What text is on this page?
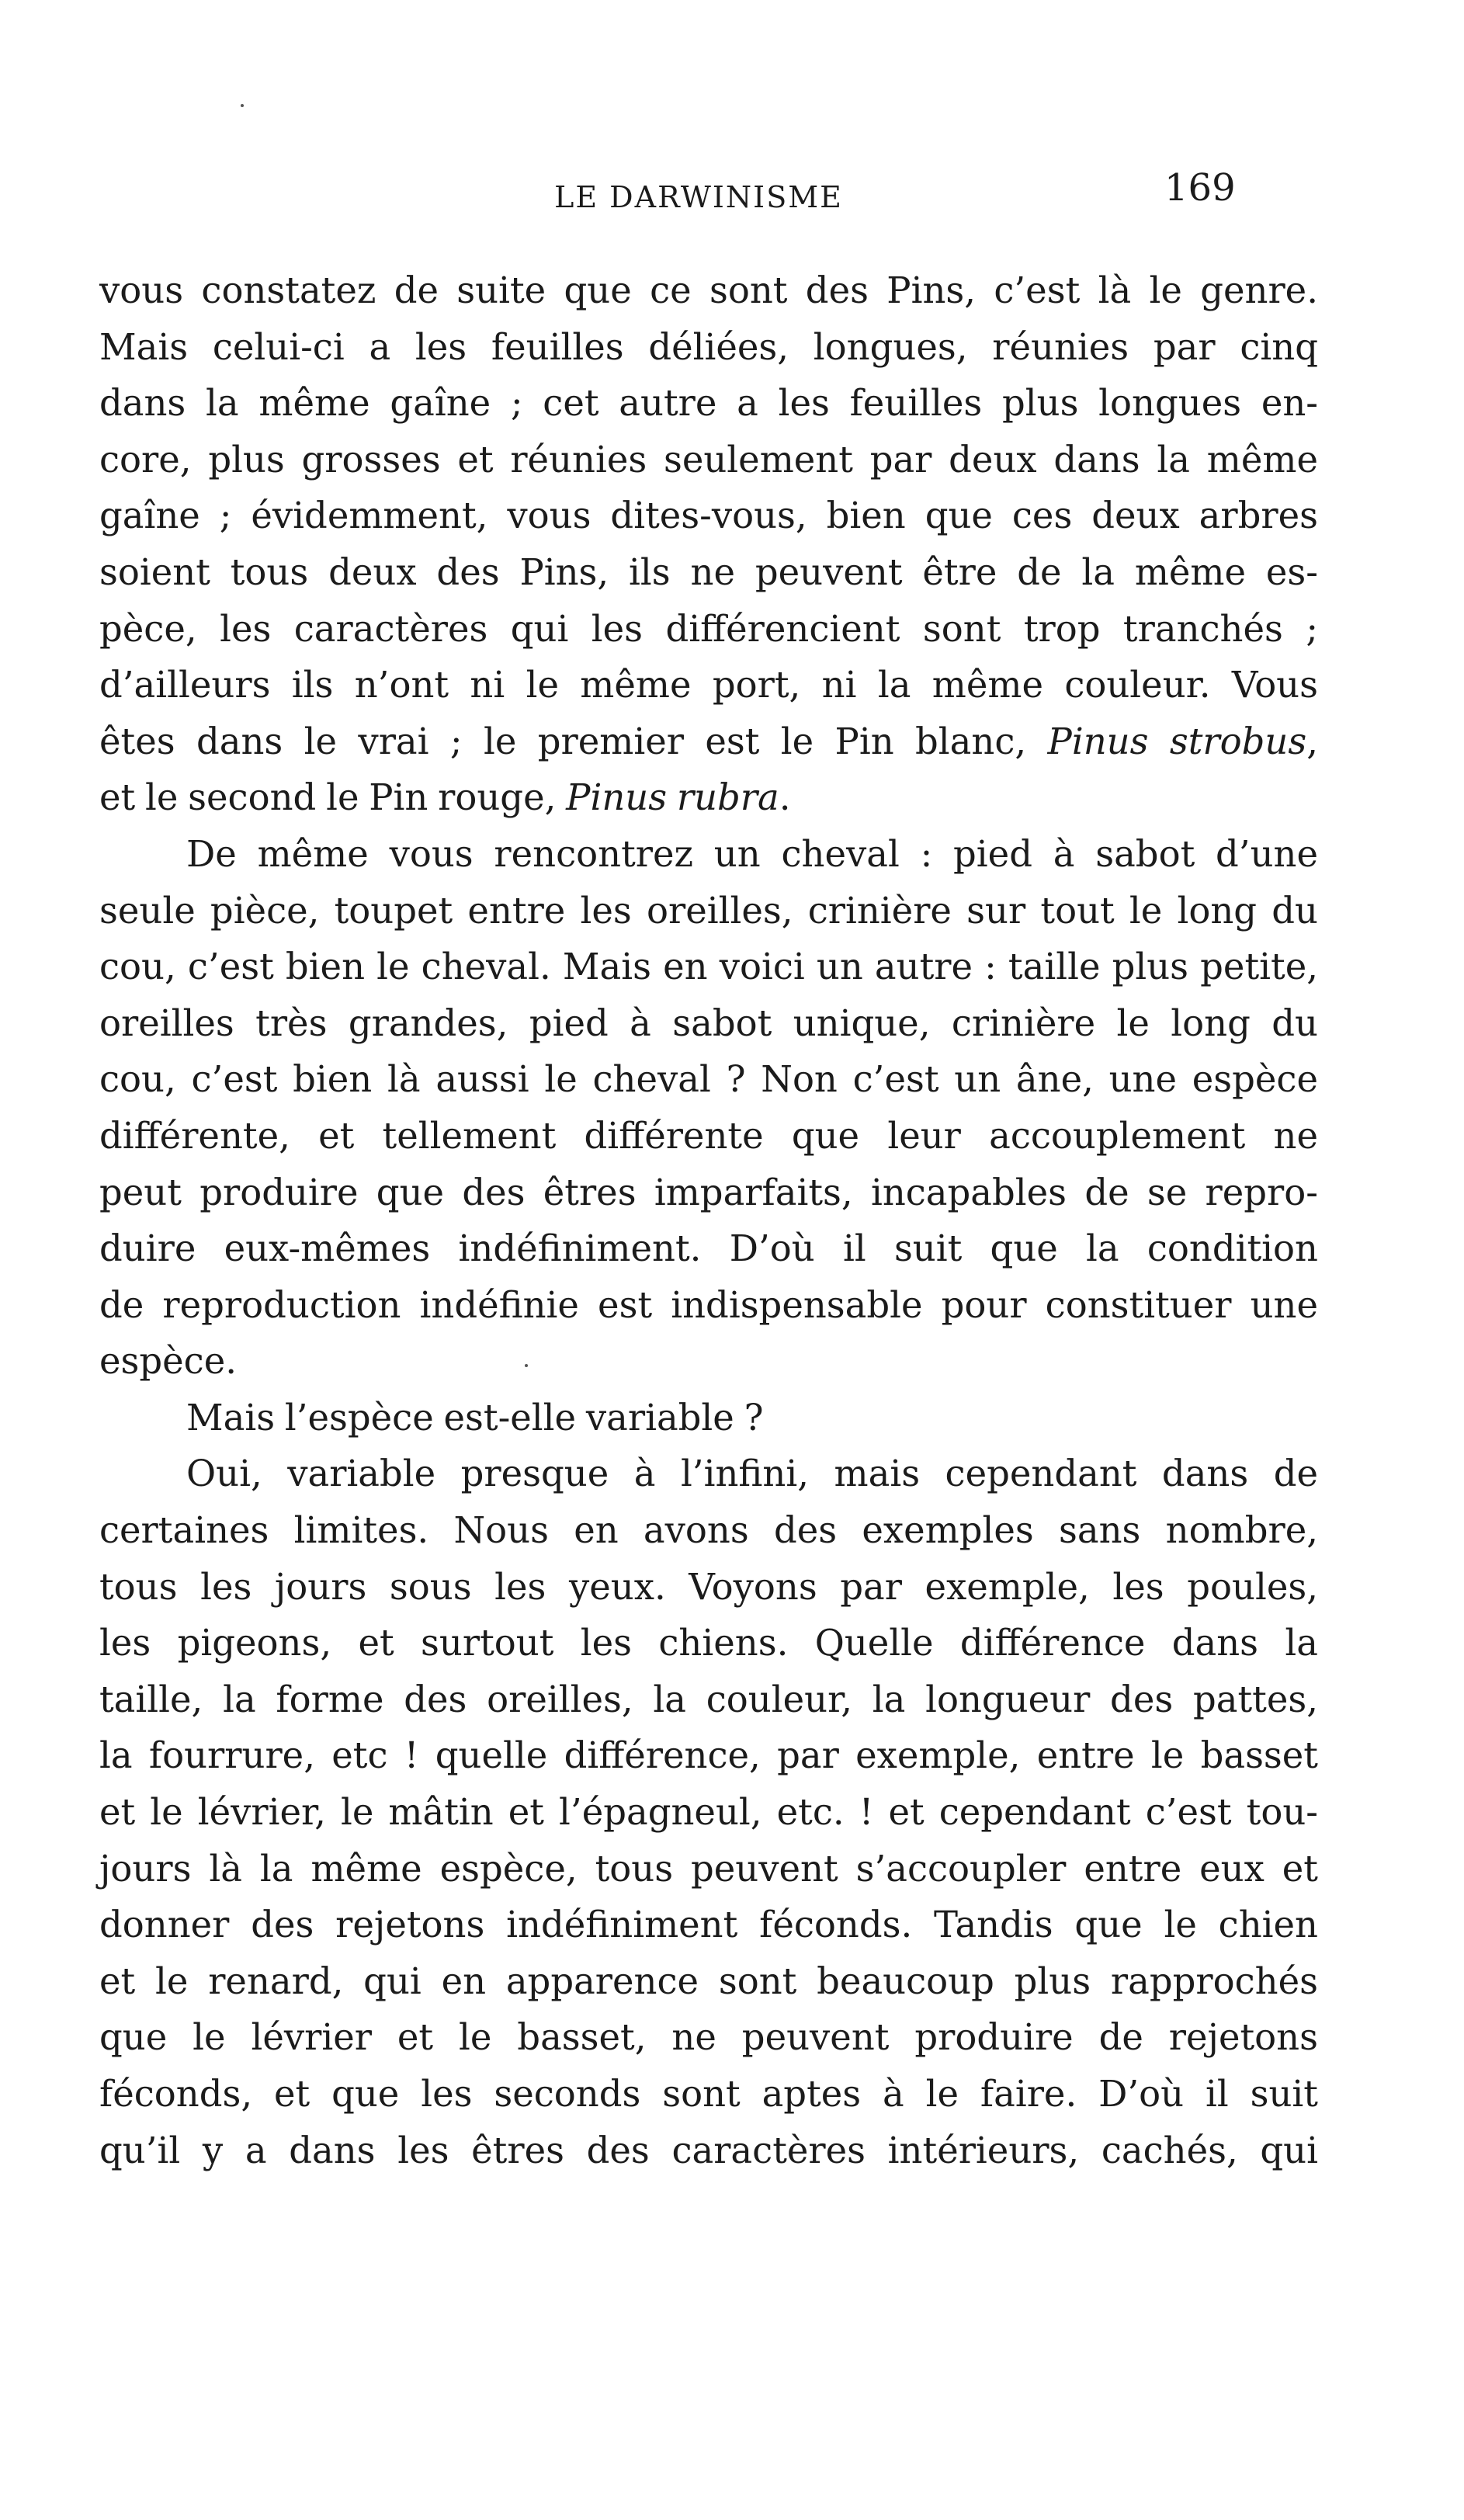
LE DARWINISME	169

vous constatez de suite que ce sont des Pins, c’est là le genre.
Mais celui-ci a les feuilles déliées, longues, réunies par cinq
dans la même gaîne ; cet autre a les feuilles plus longues en-
core, plus grosses et réunies seulement par deux dans la même
gaîne ; évidemment, vous dites-vous, bien que ces deux arbres
soient tous deux des Pins, ils ne peuvent être de la même es-
pèce, les caractères qui les différencient sont trop tranchés ;
d’ailleurs ils n’ont ni le même port, ni la même couleur. Vous
êtes dans le vrai ; le premier est le Pin blanc, Pinus strobus,
et le second le Pin rouge, Pinus rubra.

De même vous rencontrez un cheval : pied à sabot d’une
seule pièce, toupet entre les oreilles, crinière sur tout le long du
cou, c’est bien le cheval. Mais en voici un autre : taille plus petite,
oreilles très grandes, pied à sabot unique, crinière le long du
cou, c’est bien là aussi le cheval ? Non c’est un âne, une espèce
différente, et tellement différente que leur accouplement ne
peut produire que des êtres imparfaits, incapables de se repro-
duire eux-mêmes indéfiniment. D’où il suit que la condition
de reproduction indéfinie est indispensable pour constituer une
espèce.

Mais l’espèce est-elle variable ?

Oui, variable presque à l’infini, mais cependant dans de
certaines limites. Nous en avons des exemples sans nombre,
tous les jours sous les yeux. Voyons par exemple, les poules,
les pigeons, et surtout les chiens. Quelle différence dans la
taille, la forme des oreilles, la couleur, la longueur des pattes,
la fourrure, etc ! quelle différence, par exemple, entre le basset
et le lévrier, le mâtin et l’épagneul, etc. ! et cependant c’est tou-
jours là la même espèce, tous peuvent s’accoupler entre eux et
donner des rejetons indéfiniment féconds. Tandis que le chien
et le renard, qui en apparence sont beaucoup plus rapprochés
que le lévrier et le basset, ne peuvent produire de rejetons
féconds, et que les seconds sont aptes à le faire. D’où il suit
qu’il y a dans les êtres des caractères intérieurs, cachés, qui
